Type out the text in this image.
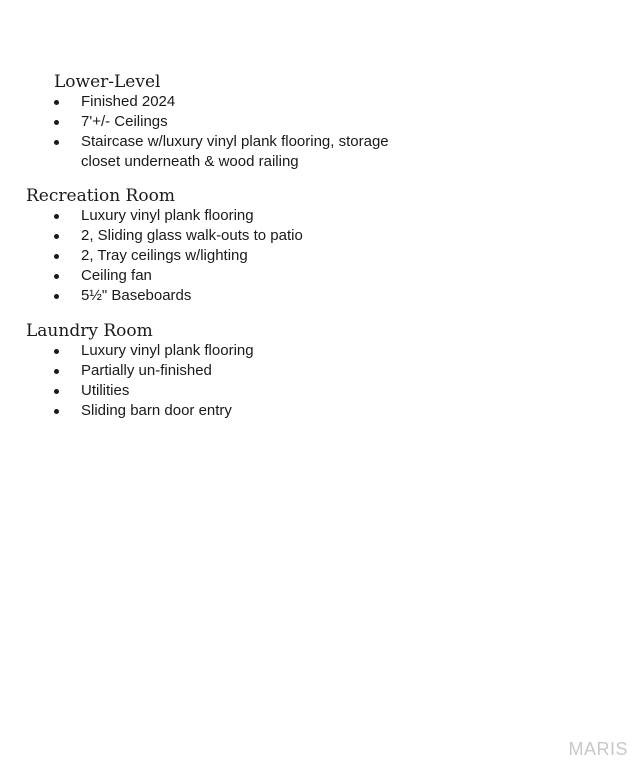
Lower-Level
Finished 2024
7'+/- Ceilings
Staircase w/luxury vinyl plank flooring, storage closet underneath & wood railing
Recreation Room
Luxury vinyl plank flooring
2, Sliding glass walk-outs to patio
2, Tray ceilings w/lighting
Ceiling fan
5½" Baseboards
Laundry Room
Luxury vinyl plank flooring
Partially un-finished
Utilities
Sliding barn door entry
MARIS
